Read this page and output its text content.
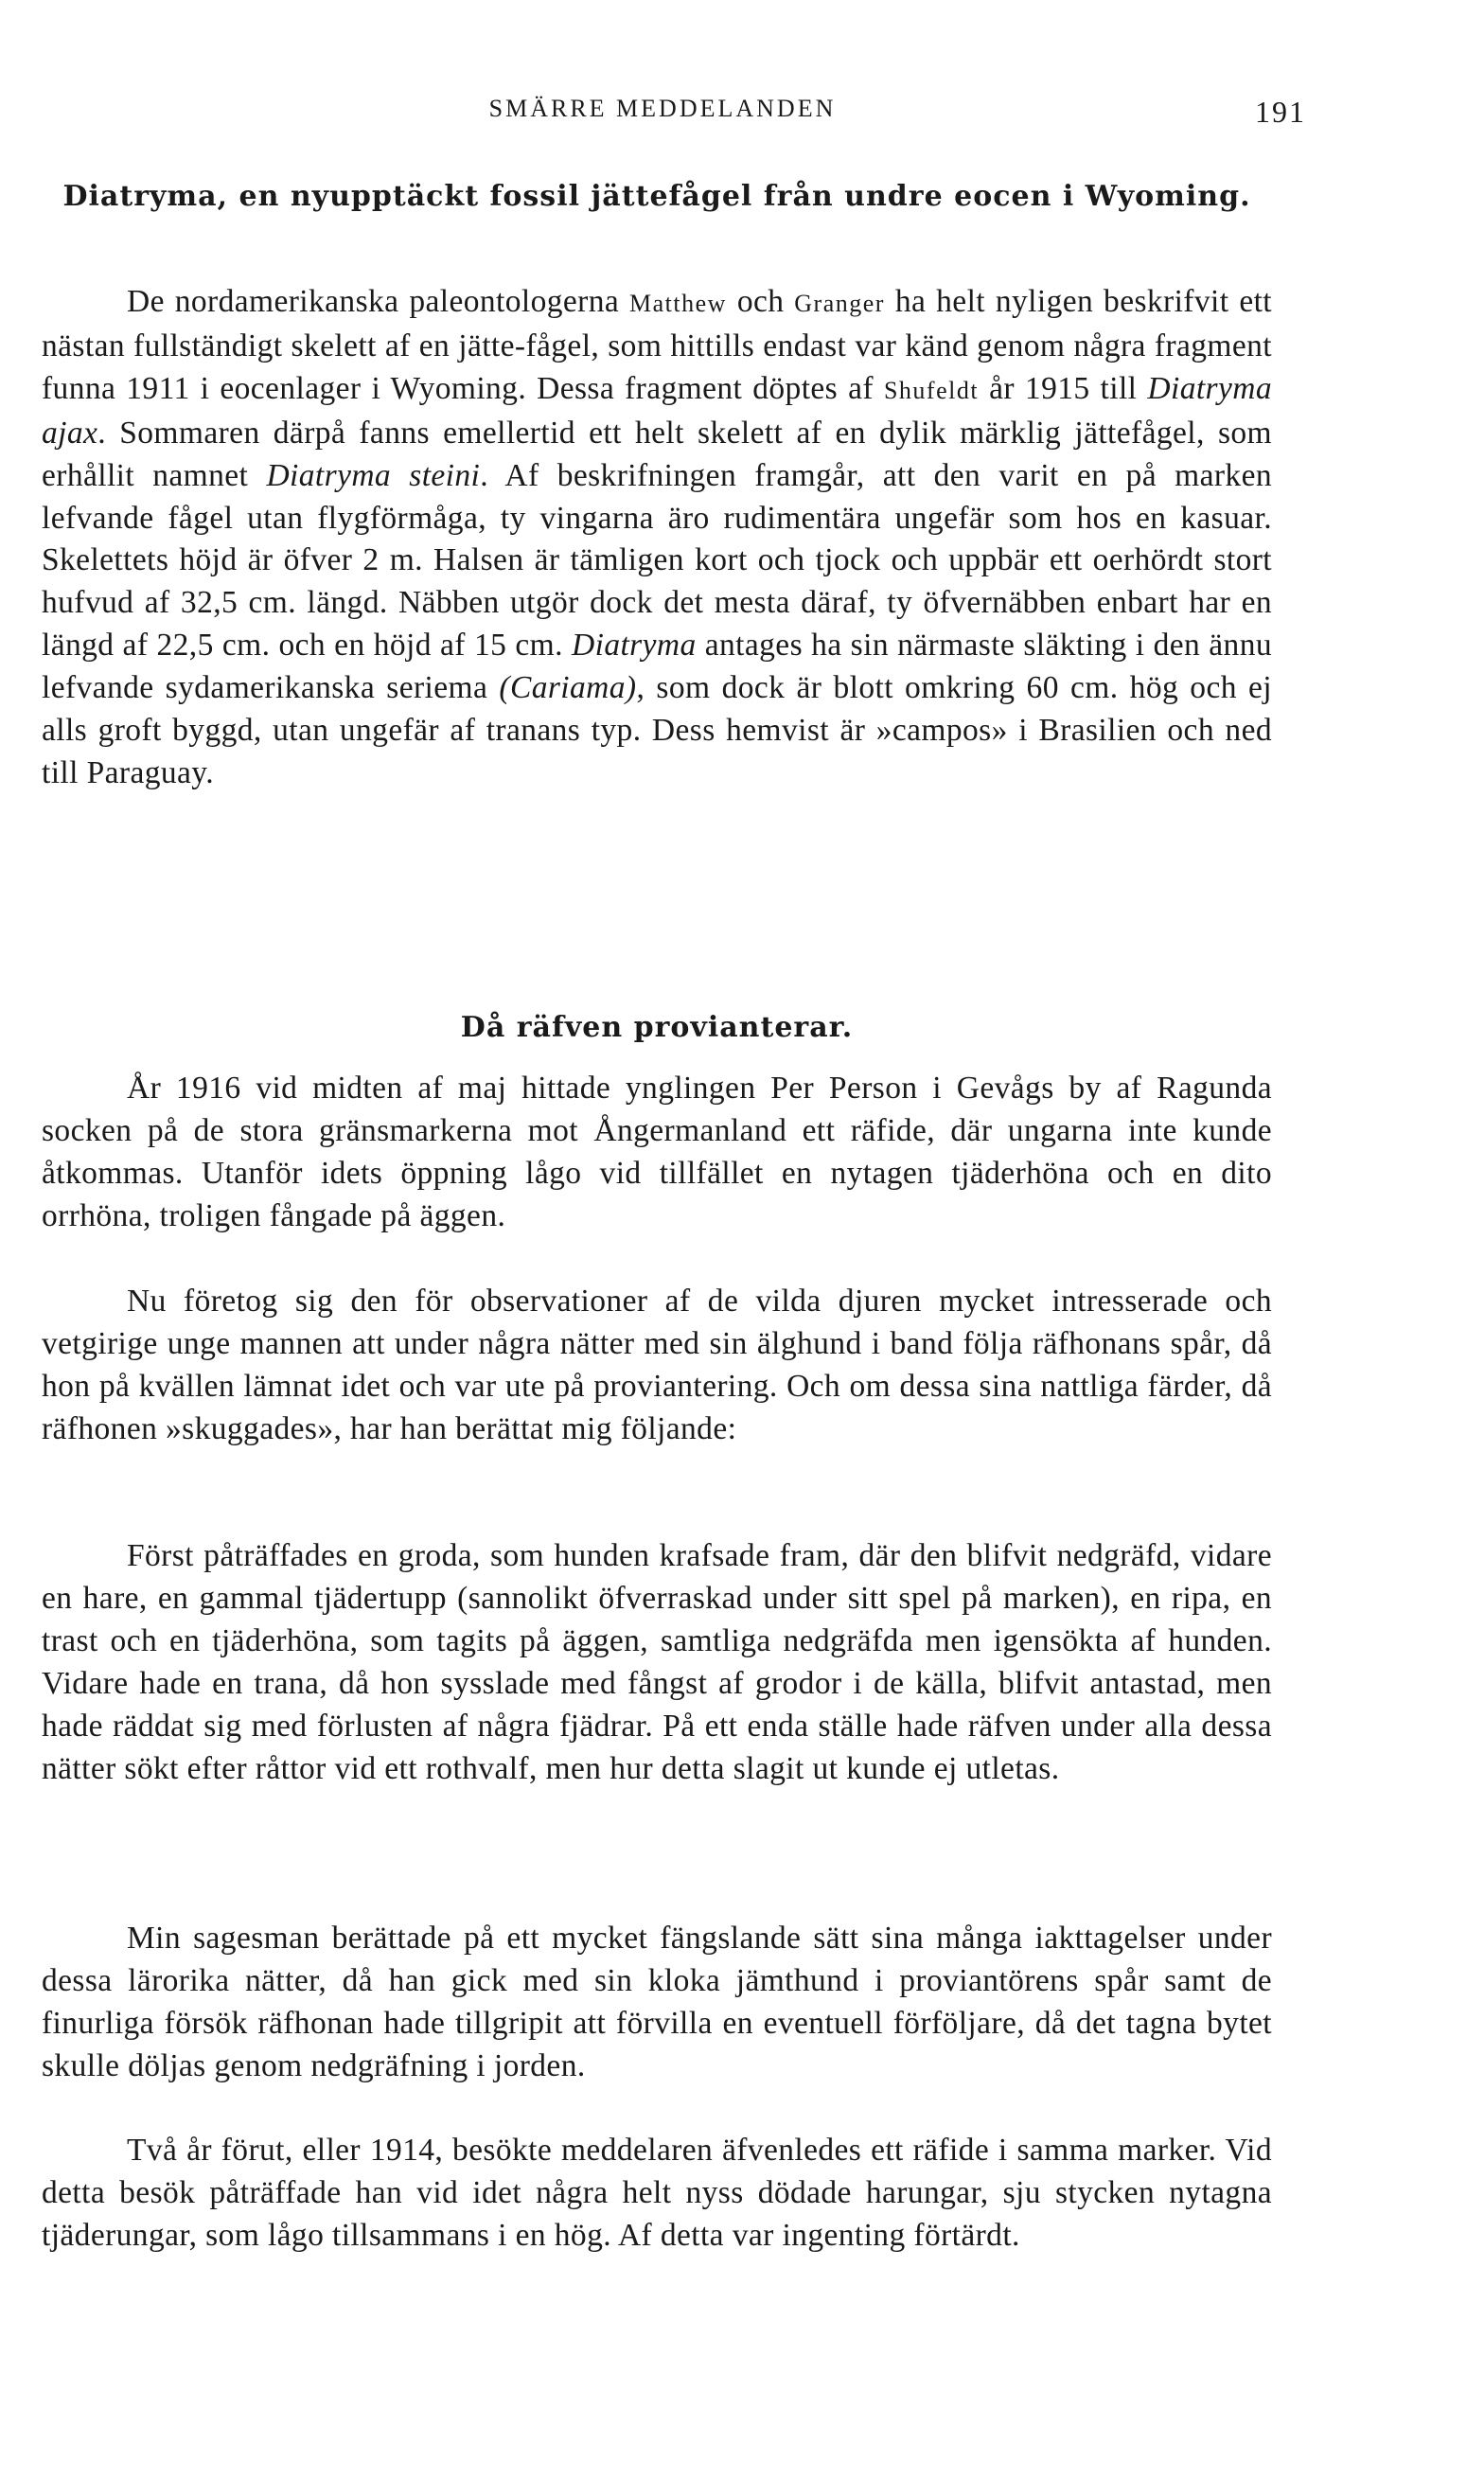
SMÄRRE MEDDELANDEN	191
Diatryma, en nyupptäckt fossil jättefågel från undre eocen i Wyoming.

De nordamerikanska paleontologerna Matthew och Granger ha helt nyligen beskrifvit ett nästan fullständigt skelett af en jätte-fågel, som hittills endast var känd genom några fragment funna 1911 i eocenlager i Wyoming. Dessa fragment döptes af Shufeldt år 1915 till Diatryma ajax. Sommaren därpå fanns emellertid ett helt skelett af en dylik märklig jättefågel, som erhållit namnet Diatryma steini. Af beskrifningen framgår, att den varit en på marken lefvande fågel utan flygförmåga, ty vingarna äro rudimentära ungefär som hos en kasuar. Skelettets höjd är öfver 2 m. Halsen är tämligen kort och tjock och uppbär ett oerhördt stort hufvud af 32,5 cm. längd. Näbben utgör dock det mesta däraf, ty öfvernäbben enbart har en längd af 22,5 cm. och en höjd af 15 cm. Diatryma antages ha sin närmaste släkting i den ännu lefvande sydamerikanska seriema (Cariama), som dock är blott omkring 60 cm. hög och ej alls groft byggd, utan ungefär af tranans typ. Dess hemvist är »campos» i Brasilien och ned till Paraguay.

Då räfven provianterar.

År 1916 vid midten af maj hittade ynglingen Per Person i Gevågs by af Ragunda socken på de stora gränsmarkerna mot Ångermanland ett räfide, där ungarna inte kunde åtkommas. Utanför idets öppning lågo vid tillfället en nytagen tjäderhöna och en dito orrhöna, troligen fångade på äggen.

Nu företog sig den för observationer af de vilda djuren mycket intresserade och vetgirige unge mannen att under några nätter med sin älghund i band följa räfhonans spår, då hon på kvällen lämnat idet och var ute på proviantering. Och om dessa sina nattliga färder, då räfhonen »skuggades», har han berättat mig följande:

Först påträffades en groda, som hunden krafsade fram, där den blifvit nedgräfd, vidare en hare, en gammal tjädertupp (sannolikt öfverraskad under sitt spel på marken), en ripa, en trast och en tjäderhöna, som tagits på äggen, samtliga nedgräfda men igensökta af hunden. Vidare hade en trana, då hon sysslade med fångst af grodor i de källa, blifvit antastad, men hade räddat sig med förlusten af några fjädrar. På ett enda ställe hade räfven under alla dessa nätter sökt efter råttor vid ett rothvalf, men hur detta slagit ut kunde ej utletas.

Min sagesman berättade på ett mycket fängslande sätt sina många iakttagelser under dessa lärorika nätter, då han gick med sin kloka jämthund i proviantörens spår samt de finurliga försök räfhonan hade tillgripit att förvilla en eventuell förföljare, då det tagna bytet skulle döljas genom nedgräfning i jorden.

Två år förut, eller 1914, besökte meddelaren äfvenledes ett räfide i samma marker. Vid detta besök påträffade han vid idet några helt nyss dödade harungar, sju stycken nytagna tjäderungar, som lågo tillsammans i en hög. Af detta var ingenting förtärdt.
